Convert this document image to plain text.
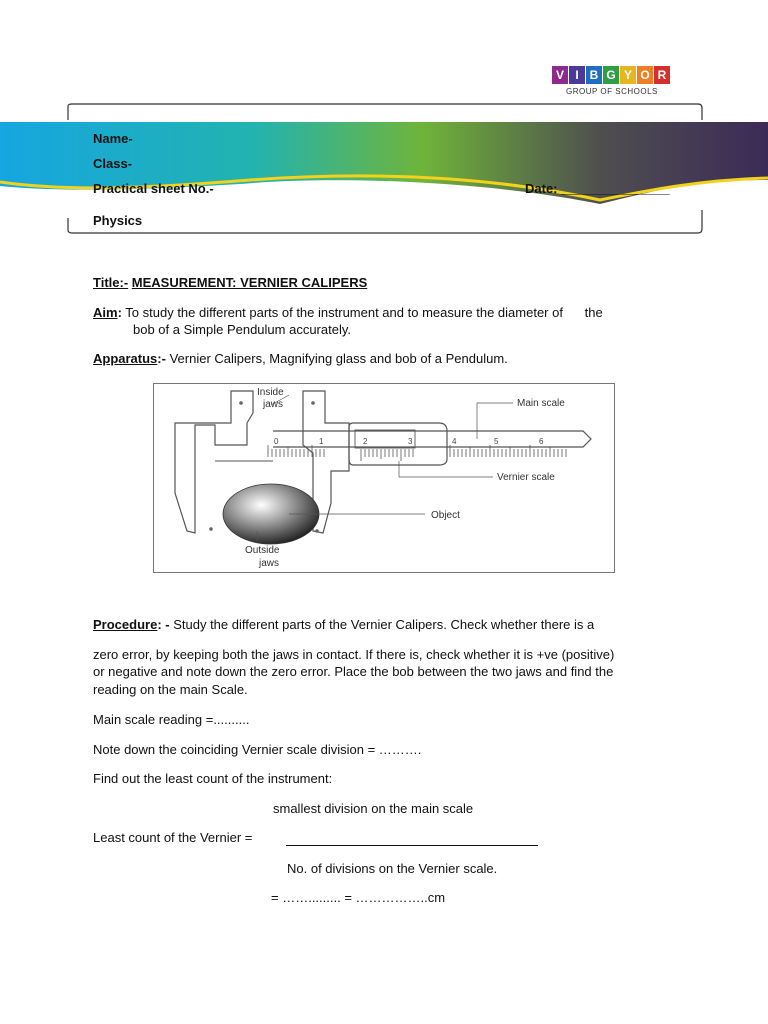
V I B G Y O R
GROUP OF SCHOOLS
Name-
Class-
Practical sheet No.-	Date: _______________
Physics
Title:- MEASUREMENT: VERNIER CALIPERS
Aim: To study the different parts of the instrument and to measure the diameter of      the
bob of a Simple Pendulum accurately.
Apparatus:- Vernier Calipers, Magnifying glass and bob of a Pendulum.
0	1	2	3	4	5	6
Inside
jaws	Main scale
Vernier scale
Object
Outside
jaws
Procedure: - Study the different parts of the Vernier Calipers. Check whether there is a
zero error, by keeping both the jaws in contact. If there is, check whether it is +ve (positive)
or negative and note down the zero error. Place the bob between the two jaws and find the
reading on the main Scale.
Main scale reading =..........
Note down the coinciding Vernier scale division = ……….
Find out the least count of the instrument:
smallest division on the main scale
Least count of the Vernier =
No. of divisions on the Vernier scale.
= ……......... = ……………..cm
